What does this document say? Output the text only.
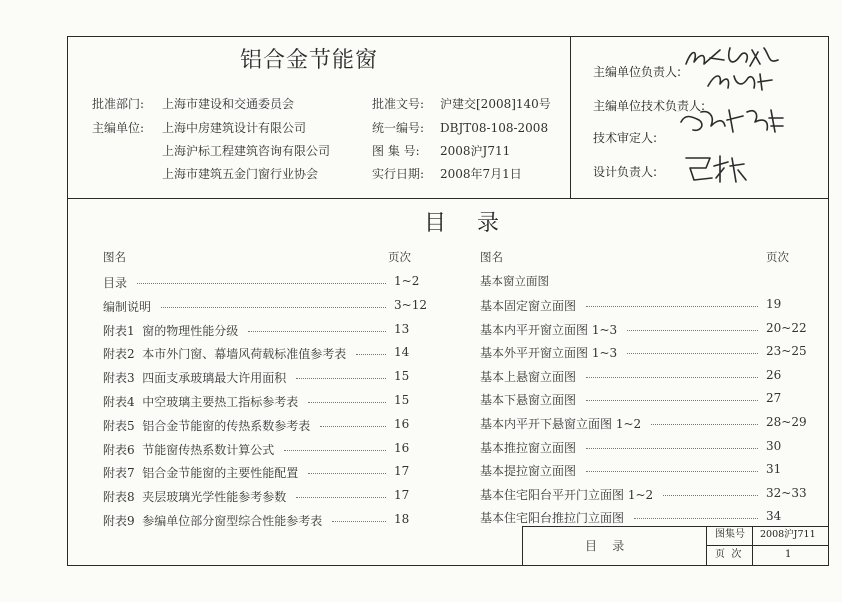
铝合金节能窗
批准部门: 上海市建设和交通委员会
主编单位: 上海中房建筑设计有限公司
上海沪标工程建筑咨询有限公司
上海市建筑五金门窗行业协会
批准文号: 沪建交[2008]140号
统一编号: DBJT08-108-2008
图 集 号: 2008沪J711
实行日期: 2008年7月1日
主编单位负责人:
主编单位技术负责人:
技术审定人:
设计负责人:
目 录
图名	页次	图名	页次
目录	1~2
编制说明	3~12
附表1  窗的物理性能分级	13
附表2  本市外门窗、幕墙风荷载标准值参考表	14
附表3  四面支承玻璃最大许用面积	15
附表4  中空玻璃主要热工指标参考表	15
附表5  铝合金节能窗的传热系数参考表	16
附表6  节能窗传热系数计算公式	16
附表7  铝合金节能窗的主要性能配置	17
附表8  夹层玻璃光学性能参考参数	17
附表9  参编单位部分窗型综合性能参考表	18
基本窗立面图
基本固定窗立面图	19
基本内平开窗立面图 1~3	20~22
基本外平开窗立面图 1~3	23~25
基本上悬窗立面图	26
基本下悬窗立面图	27
基本内平开下悬窗立面图 1~2	28~29
基本推拉窗立面图	30
基本提拉窗立面图	31
基本住宅阳台平开门立面图 1~2	32~33
基本住宅阳台推拉门立面图	34
目    录
图集号 2008沪J711
页  次	1
